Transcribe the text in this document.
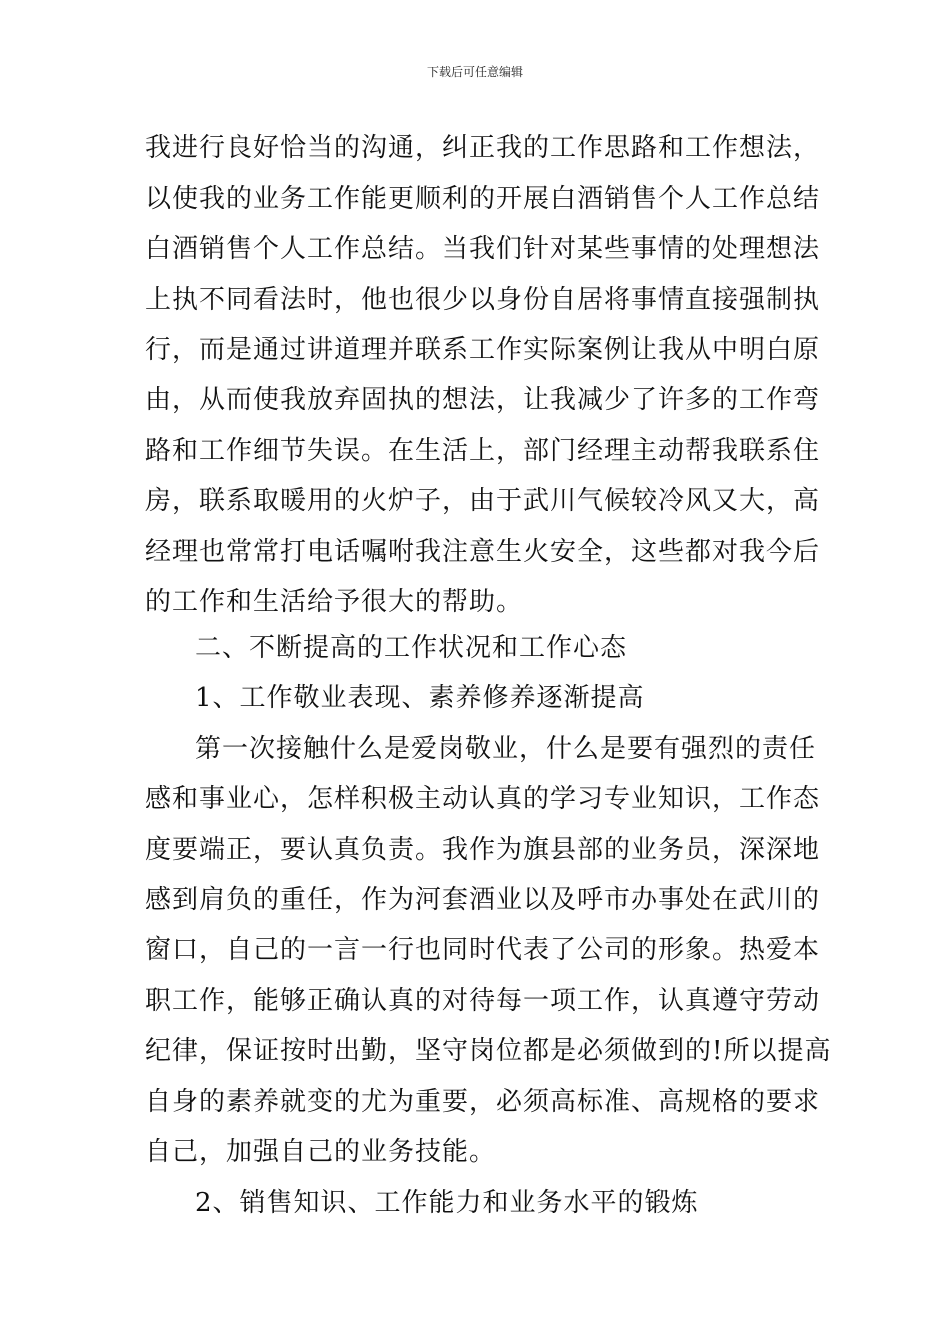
下载后可任意编辑
我进行良好恰当的沟通，纠正我的工作思路和工作想法，
以使我的业务工作能更顺利的开展白酒销售个人工作总结
白酒销售个人工作总结。当我们针对某些事情的处理想法
上执不同看法时，他也很少以身份自居将事情直接强制执
行，而是通过讲道理并联系工作实际案例让我从中明白原
由，从而使我放弃固执的想法，让我减少了许多的工作弯
路和工作细节失误。在生活上，部门经理主动帮我联系住
房，联系取暖用的火炉子，由于武川气候较冷风又大，高
经理也常常打电话嘱咐我注意生火安全，这些都对我今后
的工作和生活给予很大的帮助。
二、不断提高的工作状况和工作心态
1、工作敬业表现、素养修养逐渐提高
第一次接触什么是爱岗敬业，什么是要有强烈的责任
感和事业心，怎样积极主动认真的学习专业知识，工作态
度要端正，要认真负责。我作为旗县部的业务员，深深地
感到肩负的重任，作为河套酒业以及呼市办事处在武川的
窗口，自己的一言一行也同时代表了公司的形象。热爱本
职工作，能够正确认真的对待每一项工作，认真遵守劳动
纪律，保证按时出勤，坚守岗位都是必须做到的!所以提高
自身的素养就变的尤为重要，必须高标准、高规格的要求
自己，加强自己的业务技能。
2、销售知识、工作能力和业务水平的锻炼
